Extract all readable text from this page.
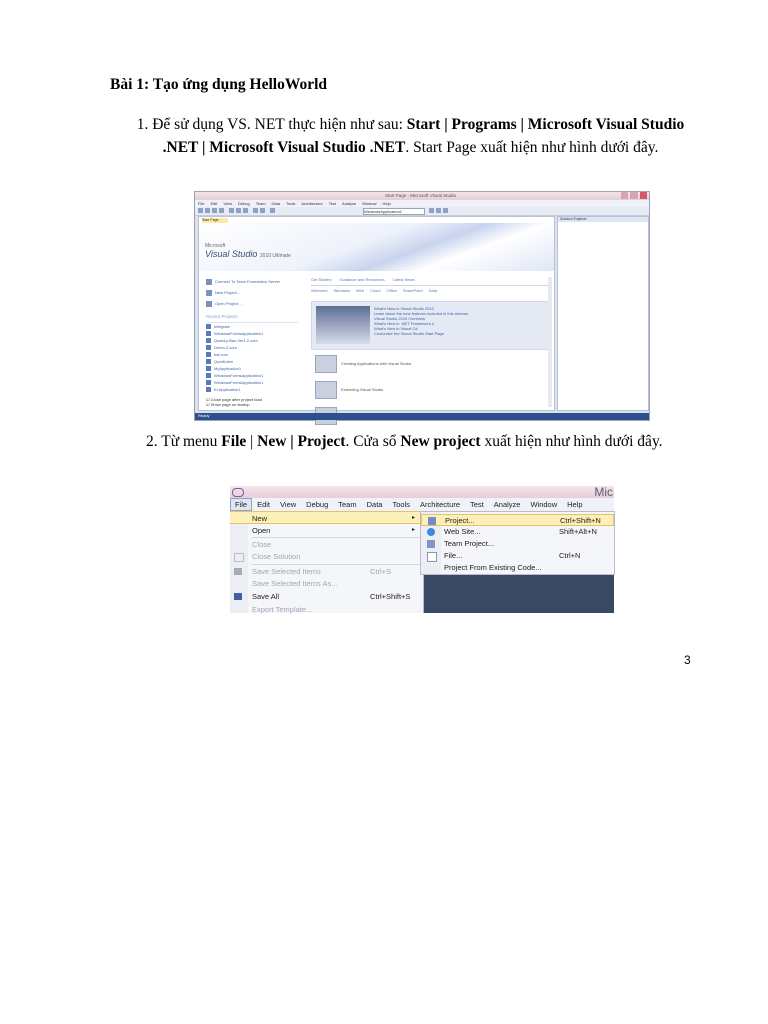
Bài 1: Tạo ứng dụng HelloWorld
1. Để sử dụng VS. NET thực hiện như sau: Start | Programs | Microsoft Visual Studio .NET | Microsoft Visual Studio .NET. Start Page xuất hiện như hình dưới đây.
Start Page - Microsoft Visual Studio
File Edit View Debug Team Data Tools Architecture Test Analyze Window Help
WindowsApplication1
Start Page
Microsoft
Visual Studio 2010 Ultimate
Connect To Team Foundation Server
New Project...
Open Project...
Recent Projects
Integrate
WindowsFormsApplication1
QuanLy-Ban.Ver1.2.com
Demo.Z.com
bai.com
QuetKdem
MyApplication1
WindowsFormsApplication1
WindowsFormsApplication1
Kt Application1
☑ Close page after project load
☑ Show page on startup
Get Started Guidance and Resources Latest News
Welcome Windows Web Cloud Office SharePoint Data
What's New in Visual Studio 2010
Learn about the new features included in this release.
Visual Studio 2010 Overview
What's New in .NET Framework 4
What's New in Visual C#
Customize the Visual Studio Start Page
Creating Applications with Visual Studio
Extending Visual Studio
Solution Explorer
Ready
2. Từ menu File | New | Project. Cửa sổ New project xuất hiện như hình dưới đây.
Mic
File	Edit	View	Debug	Team	Data	Tools	Architecture	Test	Analyze	Window	Help
New	▸
Open	▸
Close
Close Solution
Save Selected Items	Ctrl+S
Save Selected Items As...
Save All	Ctrl+Shift+S
Export Template...
Project...	Ctrl+Shift+N
Web Site...	Shift+Alt+N
Team Project...
File...	Ctrl+N
Project From Existing Code...
3
